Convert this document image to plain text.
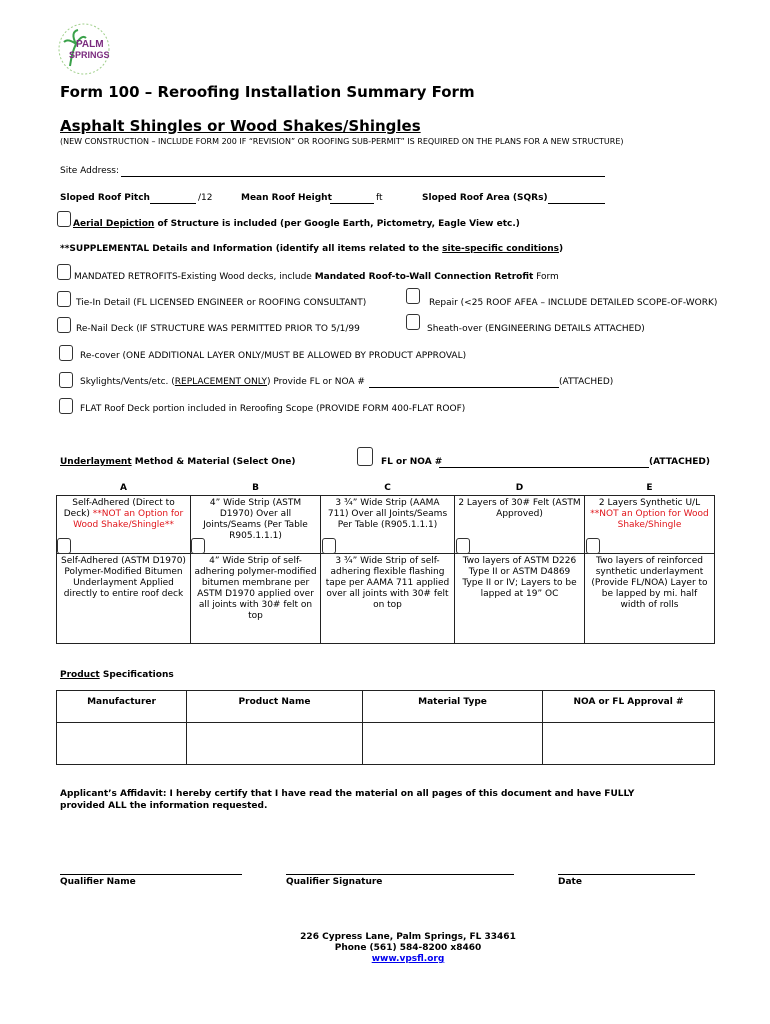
PALM
SPRINGS
Form 100 – Reroofing Installation Summary Form
Asphalt Shingles or Wood Shakes/Shingles
(NEW CONSTRUCTION – INCLUDE FORM 200 IF “REVISION” OR ROOFING SUB-PERMIT” IS REQUIRED ON THE PLANS FOR A NEW STRUCTURE)
Site Address:
Sloped Roof Pitch	/12	Mean Roof Height	ft	Sloped Roof Area (SQRs)
Aerial Depiction of Structure is included (per Google Earth, Pictometry, Eagle View etc.)
**SUPPLEMENTAL Details and Information (identify all items related to the site-specific conditions)
MANDATED RETROFITS-Existing Wood decks, include Mandated Roof-to-Wall Connection Retrofit Form
Tie-In Detail (FL LICENSED ENGINEER or ROOFING CONSULTANT)	Repair (<25 ROOF AFEA – INCLUDE DETAILED SCOPE-OF-WORK)
Re-Nail Deck (IF STRUCTURE WAS PERMITTED PRIOR TO 5/1/99	Sheath-over (ENGINEERING DETAILS ATTACHED)
Re-cover (ONE ADDITIONAL LAYER ONLY/MUST BE ALLOWED BY PRODUCT APPROVAL)
Skylights/Vents/etc. (REPLACEMENT ONLY) Provide FL or NOA #	(ATTACHED)
FLAT Roof Deck portion included in Reroofing Scope (PROVIDE FORM 400-FLAT ROOF)
Underlayment Method & Material (Select One)	FL or NOA #	(ATTACHED)
A	B	C	D	E
Self-Adhered (Direct to Deck) **NOT an Option for Wood Shake/Shingle**	4” Wide Strip (ASTM D1970) Over all Joints/Seams (Per Table R905.1.1.1)	3 ¾” Wide Strip (AAMA 711) Over all Joints/Seams Per Table (R905.1.1.1)	2 Layers of 30# Felt (ASTM Approved)	2 Layers Synthetic U/L **NOT an Option for Wood Shake/Shingle

Self-Adhered (ASTM D1970) Polymer-Modified Bitumen Underlayment Applied directly to entire roof deck	4” Wide Strip of self-adhering polymer-modified bitumen membrane per ASTM D1970 applied over all joints with 30# felt on top	3 ¾” Wide Strip of self-adhering flexible flashing tape per AAMA 711 applied over all joints with 30# felt on top	Two layers of ASTM D226 Type II or ASTM D4869 Type II or IV; Layers to be lapped at 19” OC	Two layers of reinforced synthetic underlayment (Provide FL/NOA) Layer to be lapped by mi. half width of rolls
Product Specifications
Manufacturer	Product Name	Material Type	NOA or FL Approval #

Applicant’s Affidavit: I hereby certify that I have read the material on all pages of this document and have FULLY provided ALL the information requested.
Qualifier Name	Qualifier Signature	Date
226 Cypress Lane, Palm Springs, FL 33461
Phone (561) 584-8200 x8460
www.vpsfl.org
